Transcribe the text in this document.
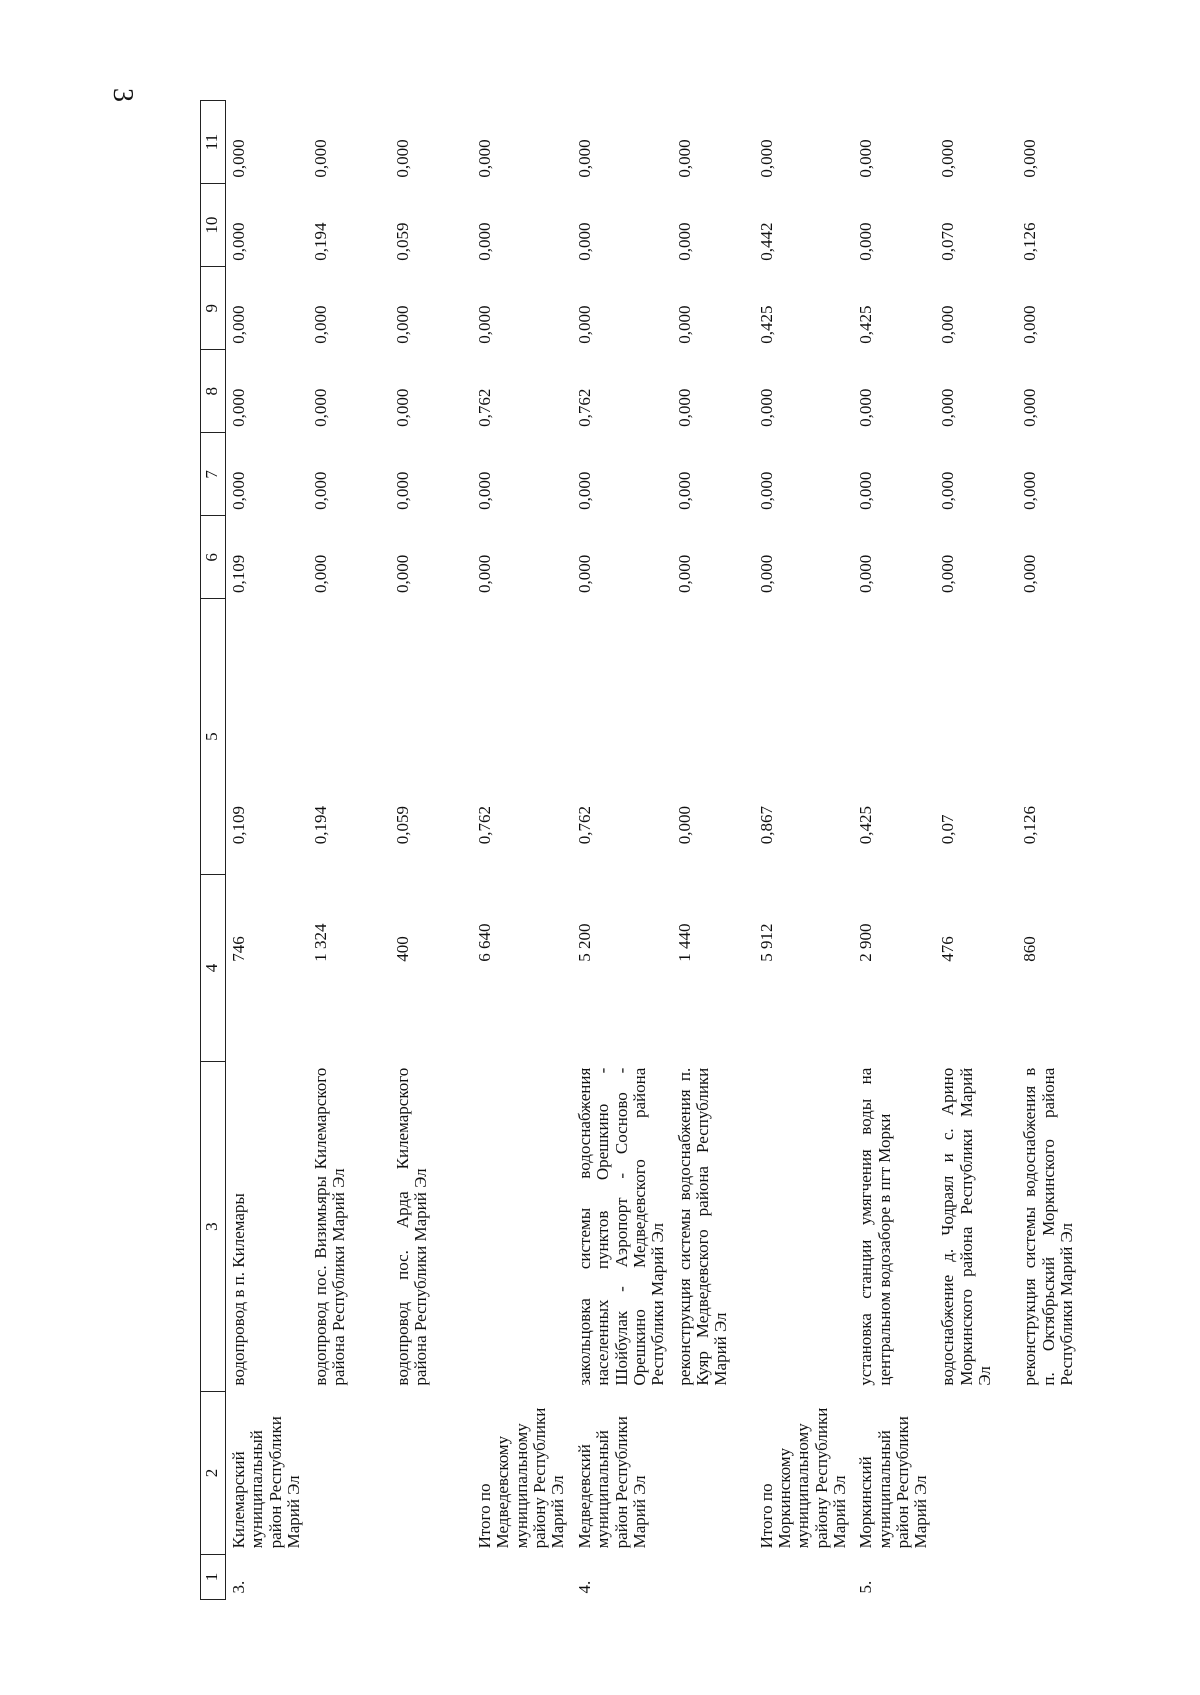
3
1	2	3	4	5	6	7	8	9	10	11
3.	Килемарский муниципальный район Республики Марий Эл	водопровод в п. Килемары	746	0,109	0,109	0,000	0,000	0,000	0,000	0,000
		водопровод пос. Визимьяры Килемарского района Республики Марий Эл	1 324	0,194	0,000	0,000	0,000	0,000	0,194	0,000
		водопровод пос. Арда Килемарского района Республики Марий Эл	400	0,059	0,000	0,000	0,000	0,000	0,059	0,000
	Итого по Медведевскому муниципальному району Республики Марий Эл		6 640	0,762	0,000	0,000	0,762	0,000	0,000	0,000
4.	Медведевский муниципальный район Республики Марий Эл	закольцовка системы водоснабжения населенных пунктов Орешкино - Шойбулак - Аэропорт - Сосново - Орешкино Медведевского района Республики Марий Эл	5 200	0,762	0,000	0,000	0,762	0,000	0,000	0,000
		реконструкция системы водоснабжения п. Куяр Медведевского района Республики Марий Эл	1 440	0,000	0,000	0,000	0,000	0,000	0,000	0,000
	Итого по Моркинскому муниципальному району Республики Марий Эл		5 912	0,867	0,000	0,000	0,000	0,425	0,442	0,000
5.	Моркинский муниципальный район Республики Марий Эл	установка станции умягчения воды на центральном водозаборе в пгт Морки	2 900	0,425	0,000	0,000	0,000	0,425	0,000	0,000
		водоснабжение д. Чодраял и с. Арино Моркинского района Республики Марий Эл	476	0,07	0,000	0,000	0,000	0,000	0,070	0,000
		реконструкция системы водоснабжения в п. Октябрьский Моркинского района Республики Марий Эл	860	0,126	0,000	0,000	0,000	0,000	0,126	0,000
